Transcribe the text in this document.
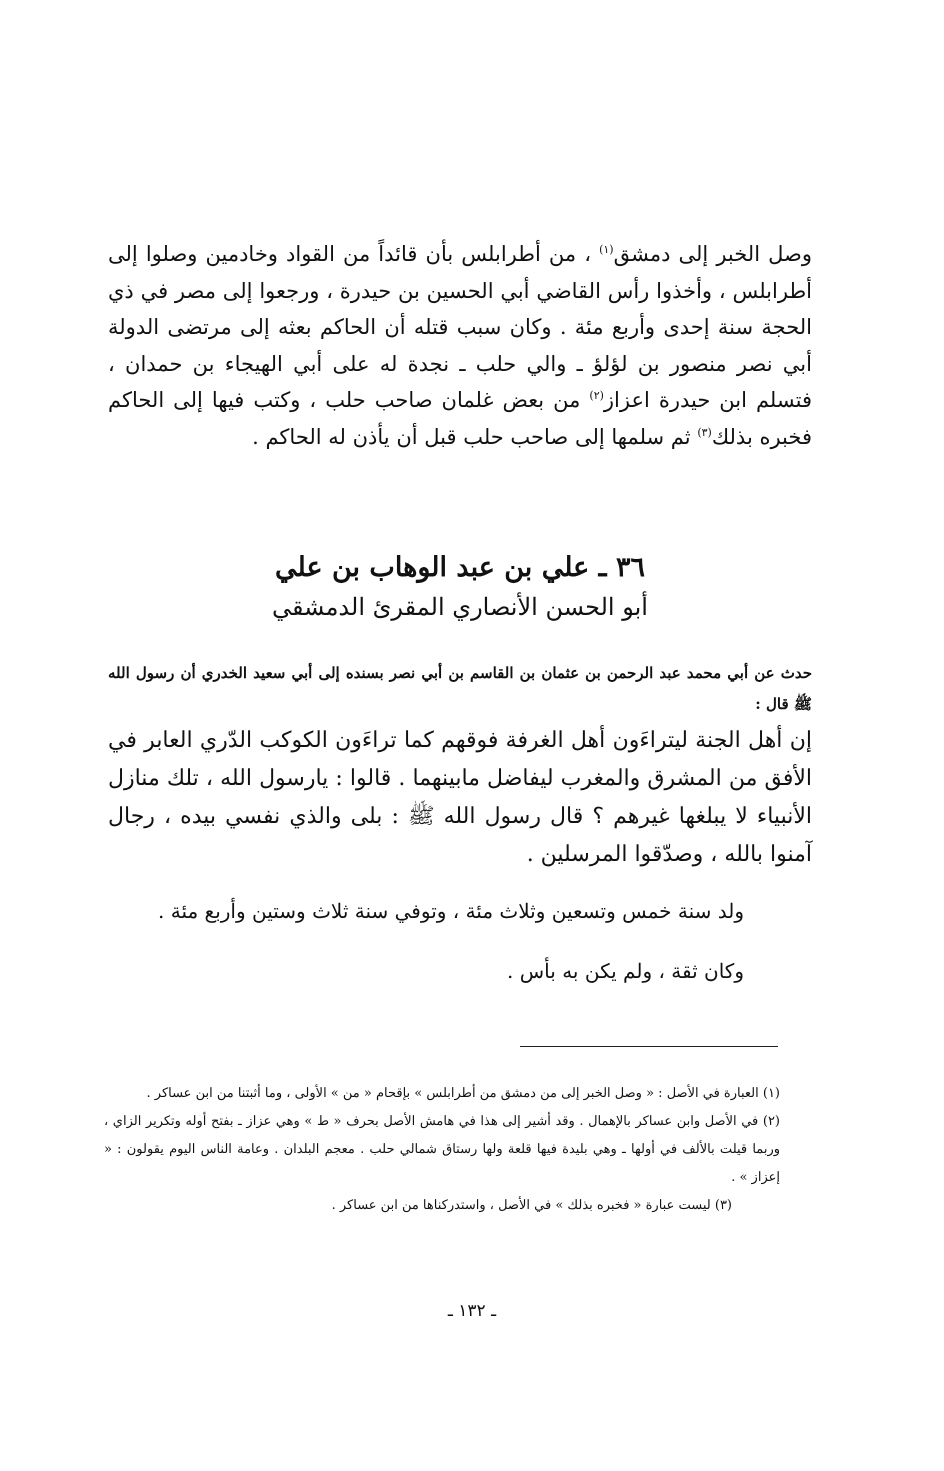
وصل الخبر إلى دمشق$^{(١)}$ ، من أطرابلس بأن قائداً من القواد وخادمين وصلوا إلى أطرابلس ، وأخذوا رأس القاضي أبي الحسين بن حيدرة ، ورجعوا إلى مصر في ذي الحجة سنة إحدى وأربع مئة . وكان سبب قتله أن الحاكم بعثه إلى مرتضى الدولة أبي نصر منصور بن لؤلؤ ـ والي حلب ـ نجدة له على أبي الهيجاء بن حمدان ، فتسلم ابن حيدرة اعزاز$^{(٢)}$ من بعض غلمان صاحب حلب ، وكتب فيها إلى الحاكم فخبره بذلك$^{(٣)}$ ثم سلمها إلى صاحب حلب قبل أن يأذن له الحاكم .

٣٦ ـ علي بن عبد الوهاب بن علي
أبو الحسن الأنصاري المقرئ الدمشقي

حدث عن أبي محمد عبد الرحمن بن عثمان بن القاسم بن أبي نصر بسنده إلى أبي سعيد الخدري أن رسول الله ﷺ قال :

إن أهل الجنة ليتراءَون أهل الغرفة فوقهم كما تراءَون الكوكب الدّري العابر في الأفق من المشرق والمغرب ليفاضل مابينهما . قالوا : يارسول الله ، تلك منازل الأنبياء لا يبلغها غيرهم ؟ قال رسول الله ﷺ : بلى والذي نفسي بيده ، رجال آمنوا بالله ، وصدّقوا المرسلين .

ولد سنة خمس وتسعين وثلاث مئة ، وتوفي سنة ثلاث وستين وأربع مئة .
وكان ثقة ، ولم يكن به بأس .

(١) العبارة في الأصل : « وصل الخبر إلى من دمشق من أطرابلس » بإقحام « من » الأولى ، وما أثبتنا من ابن عساكر .

(٢) في الأصل وابن عساكر بالإهمال . وقد أشير إلى هذا في هامش الأصل بحرف « ط » وهي عزاز ـ بفتح أوله وتكرير الزاي ، وربما قيلت بالألف في أولها ـ وهي بليدة فيها قلعة ولها رستاق شمالي حلب . معجم البلدان . وعامة الناس اليوم يقولون : « إعزاز » .

(٣) ليست عبارة « فخبره بذلك » في الأصل ، واستدركناها من ابن عساكر .

ـ ١٣٢ ـ
